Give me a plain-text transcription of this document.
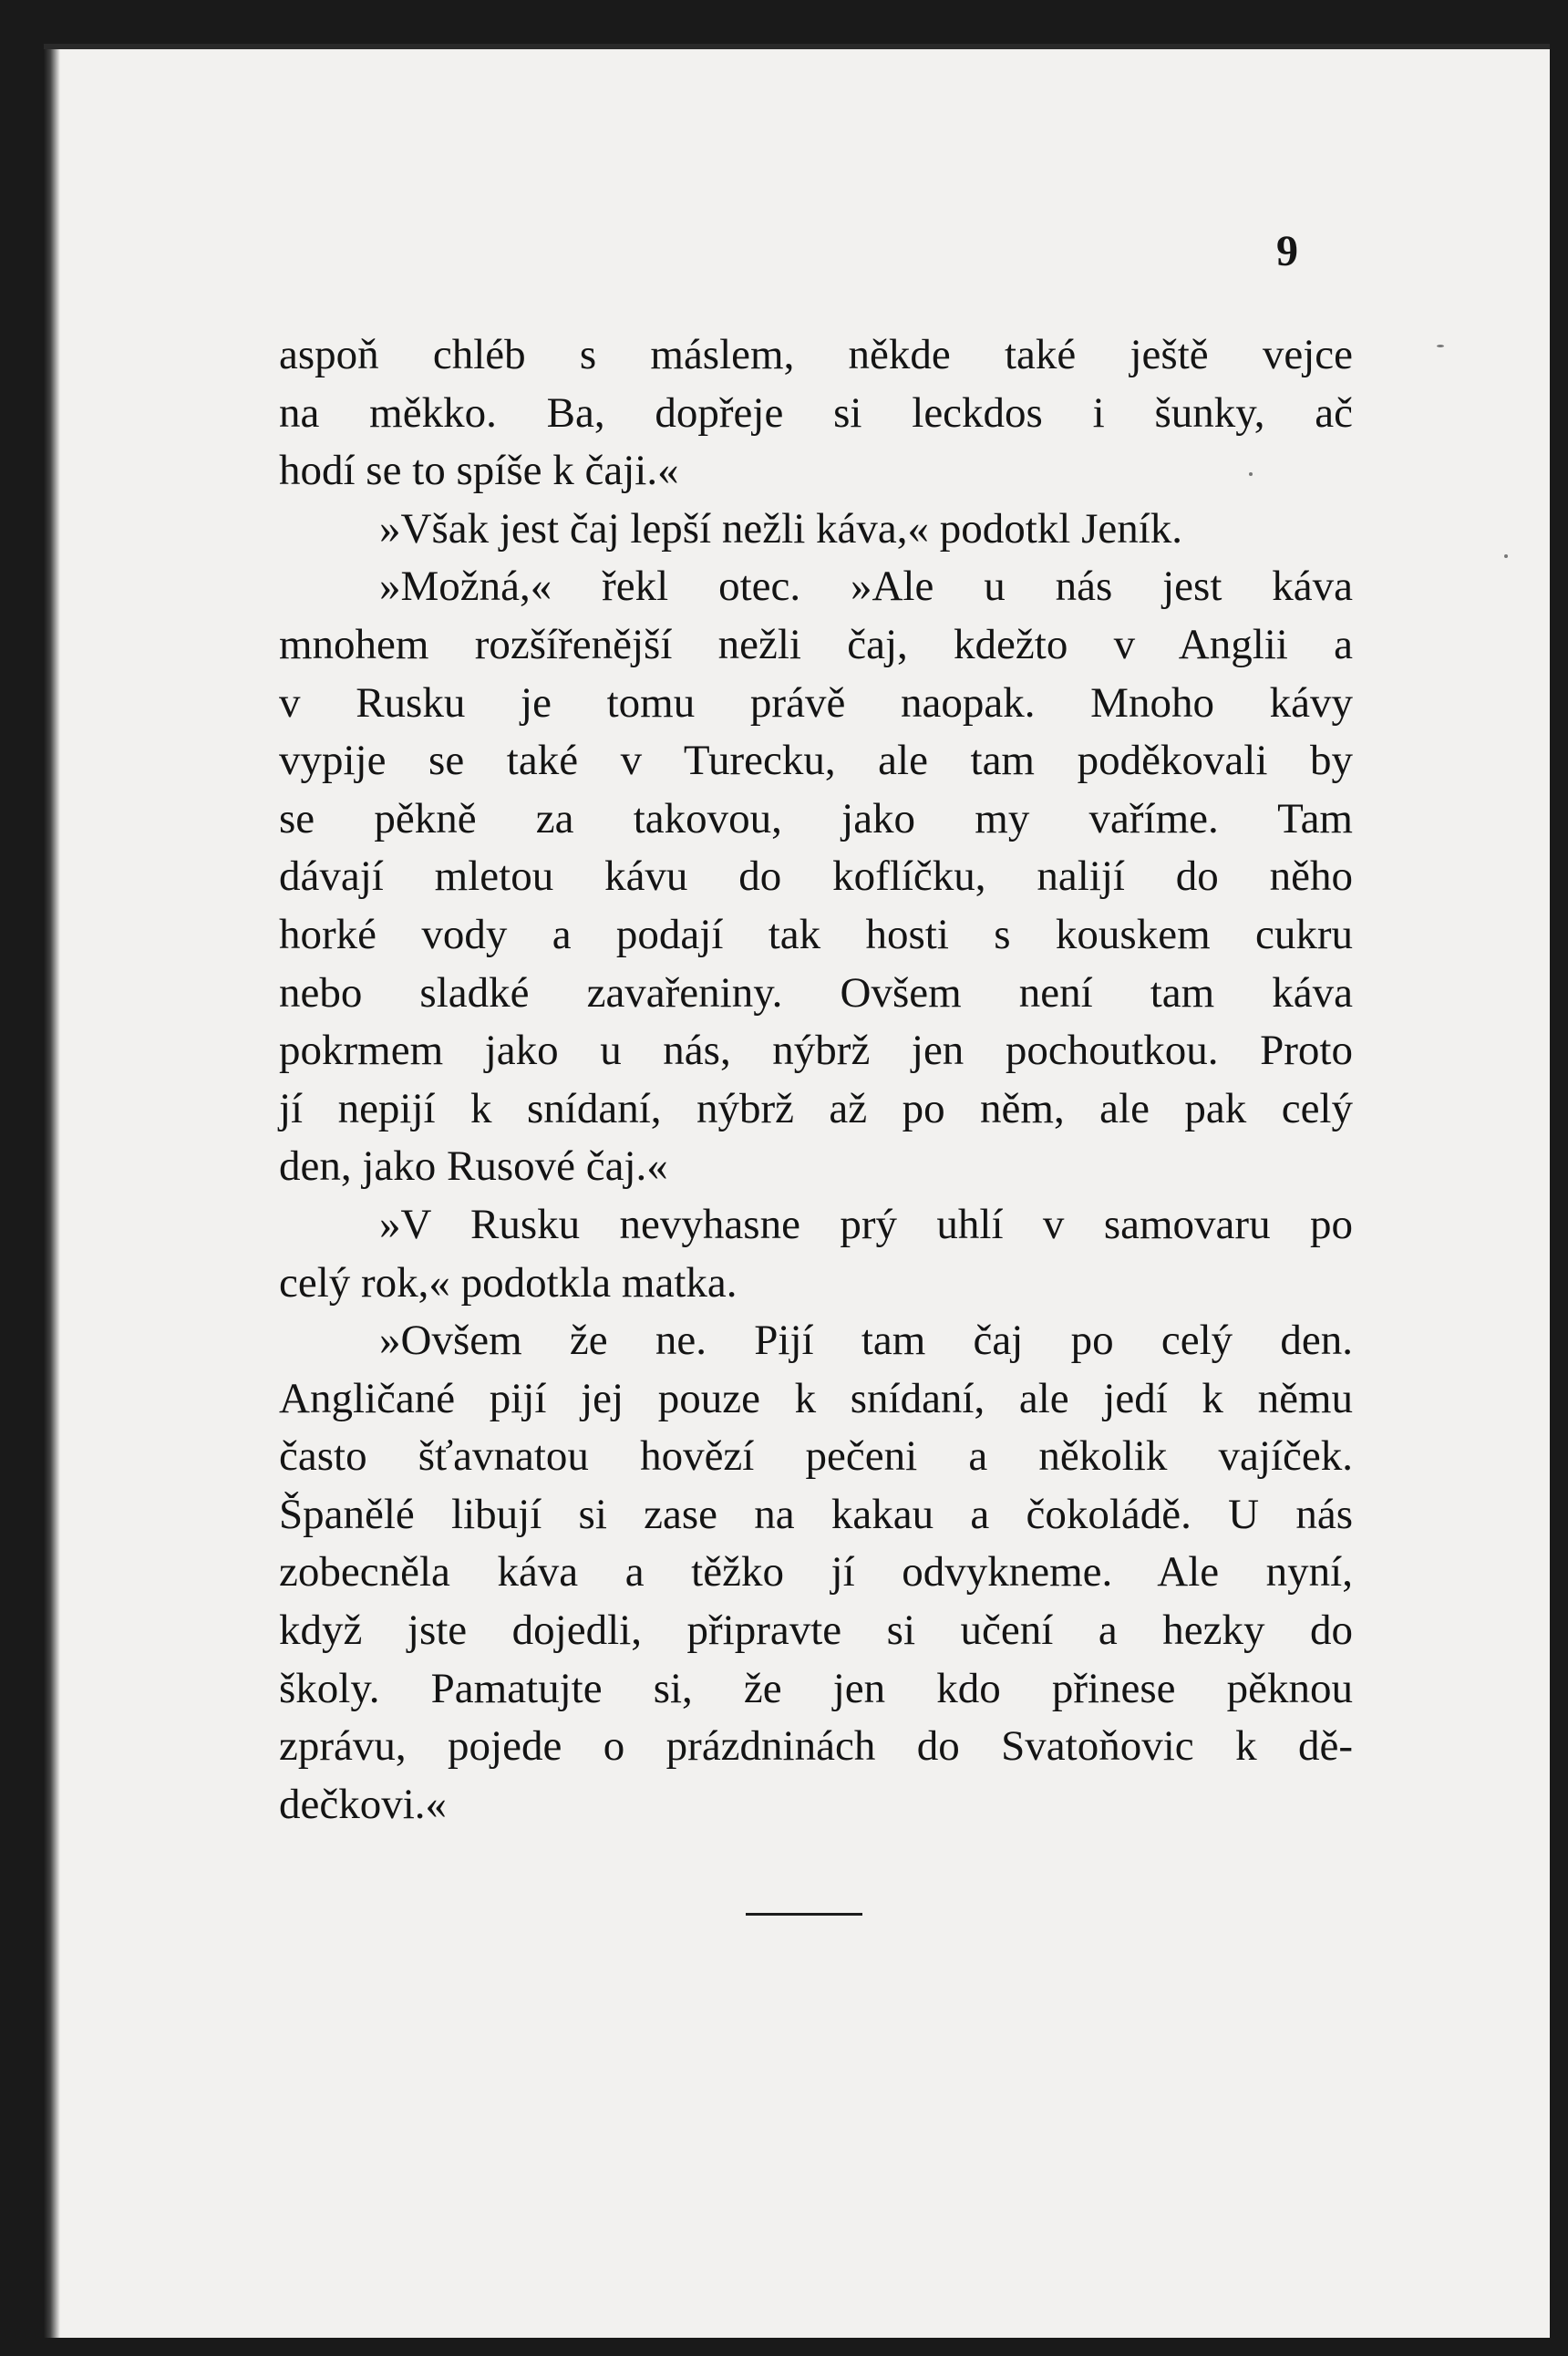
9
aspoň chléb s máslem, někde také ještě vejce
na měkko. Ba, dopřeje si leckdos i šunky, ač
hodí se to spíše k čaji.«
»Však jest čaj lepší nežli káva,« podotkl Jeník.
»Možná,« řekl otec. »Ale u nás jest káva
mnohem rozšířenější nežli čaj, kdežto v Anglii a
v Rusku je tomu právě naopak. Mnoho kávy
vypije se také v Turecku, ale tam poděkovali by
se pěkně za takovou, jako my vaříme. Tam
dávají mletou kávu do koflíčku, nalijí do něho
horké vody a podají tak hosti s kouskem cukru
nebo sladké zavařeniny. Ovšem není tam káva
pokrmem jako u nás, nýbrž jen pochoutkou. Proto
jí nepijí k snídaní, nýbrž až po něm, ale pak celý
den, jako Rusové čaj.«
»V Rusku nevyhasne prý uhlí v samovaru po
celý rok,« podotkla matka.
»Ovšem že ne. Pijí tam čaj po celý den.
Angličané pijí jej pouze k snídaní, ale jedí k němu
často šťavnatou hovězí pečeni a několik vajíček.
Španělé libují si zase na kakau a čokoládě. U nás
zobecněla káva a těžko jí odvykneme. Ale nyní,
když jste dojedli, připravte si učení a hezky do
školy. Pamatujte si, že jen kdo přinese pěknou
zprávu, pojede o prázdninách do Svatoňovic k dě-
dečkovi.«
